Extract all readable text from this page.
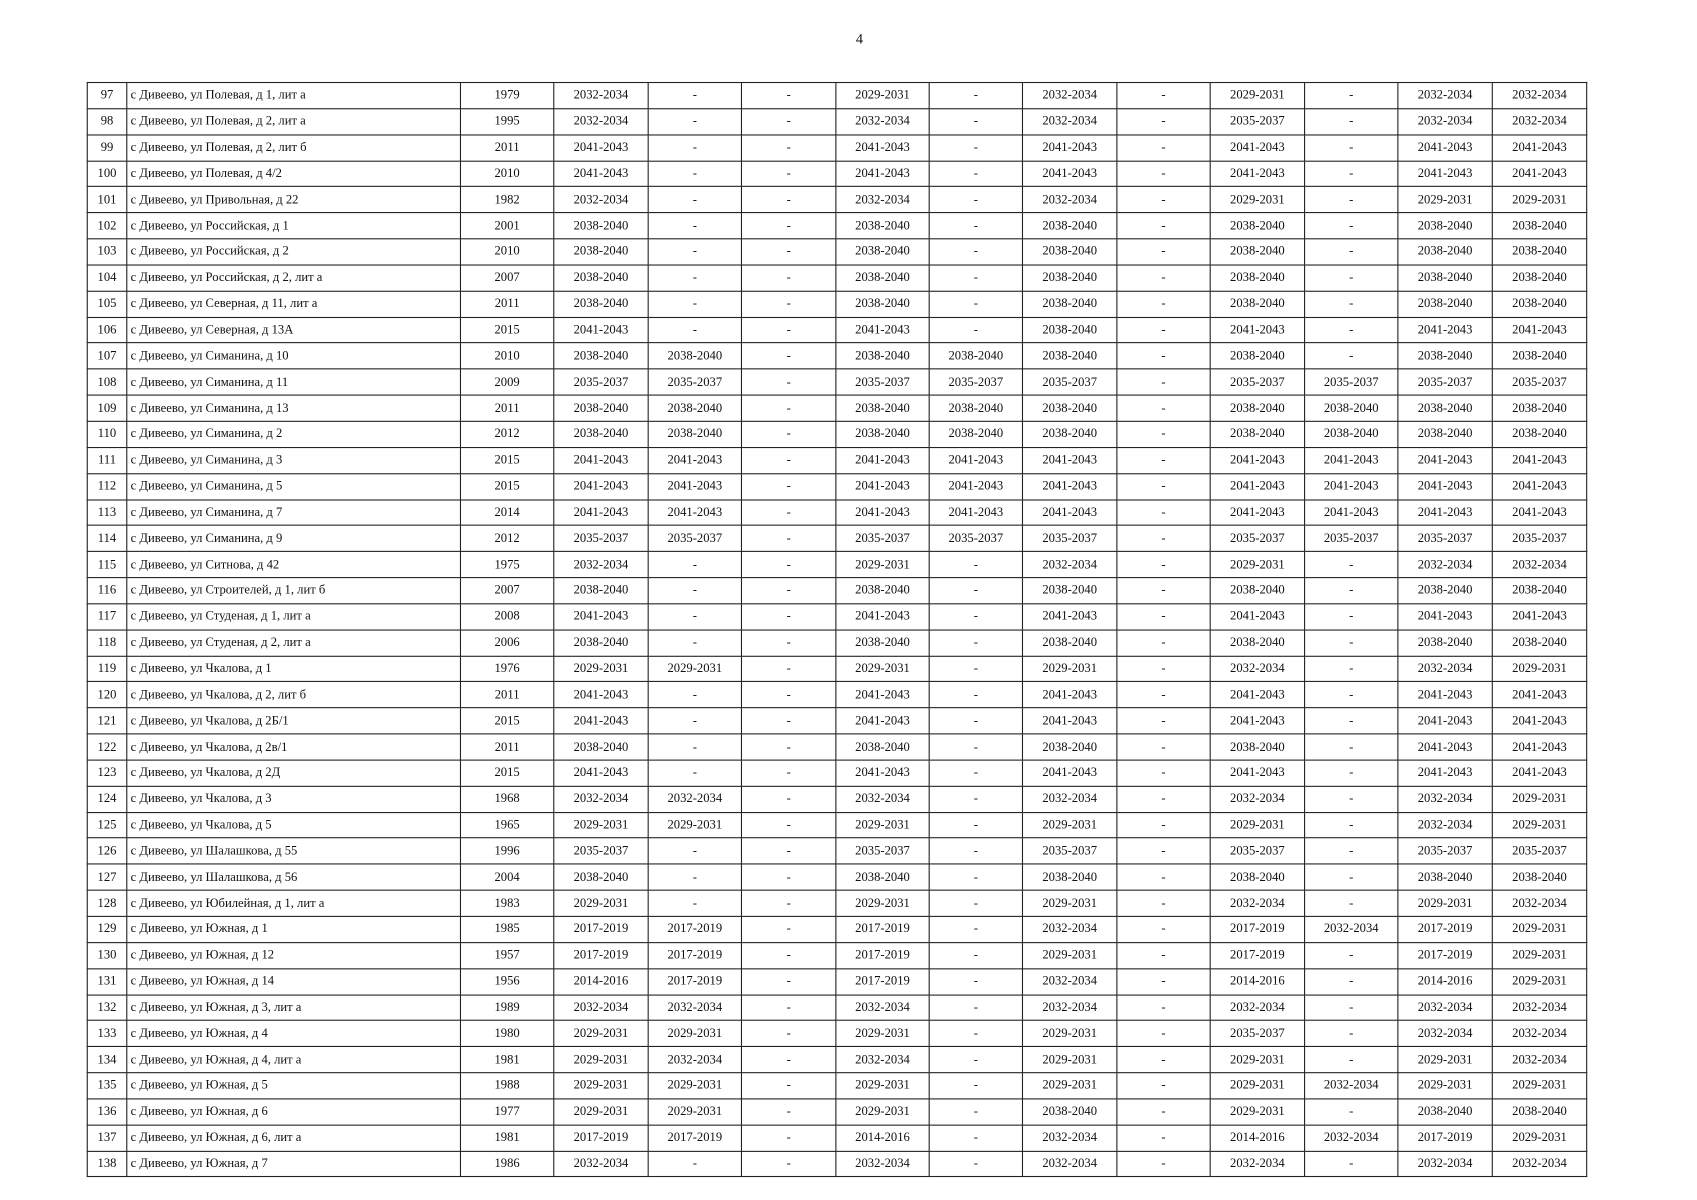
4
97	с Дивеево, ул Полевая, д 1, лит а	1979	2032-2034	-	-	2029-2031	-	2032-2034	-	2029-2031	-	2032-2034	2032-2034
98	с Дивеево, ул Полевая, д 2, лит а	1995	2032-2034	-	-	2032-2034	-	2032-2034	-	2035-2037	-	2032-2034	2032-2034
99	с Дивеево, ул Полевая, д 2, лит б	2011	2041-2043	-	-	2041-2043	-	2041-2043	-	2041-2043	-	2041-2043	2041-2043
100	с Дивеево, ул Полевая, д 4/2	2010	2041-2043	-	-	2041-2043	-	2041-2043	-	2041-2043	-	2041-2043	2041-2043
101	с Дивеево, ул Привольная, д 22	1982	2032-2034	-	-	2032-2034	-	2032-2034	-	2029-2031	-	2029-2031	2029-2031
102	с Дивеево, ул Российская, д 1	2001	2038-2040	-	-	2038-2040	-	2038-2040	-	2038-2040	-	2038-2040	2038-2040
103	с Дивеево, ул Российская, д 2	2010	2038-2040	-	-	2038-2040	-	2038-2040	-	2038-2040	-	2038-2040	2038-2040
104	с Дивеево, ул Российская, д 2, лит а	2007	2038-2040	-	-	2038-2040	-	2038-2040	-	2038-2040	-	2038-2040	2038-2040
105	с Дивеево, ул Северная, д 11, лит а	2011	2038-2040	-	-	2038-2040	-	2038-2040	-	2038-2040	-	2038-2040	2038-2040
106	с Дивеево, ул Северная, д 13А	2015	2041-2043	-	-	2041-2043	-	2038-2040	-	2041-2043	-	2041-2043	2041-2043
107	с Дивеево, ул Симанина, д 10	2010	2038-2040	2038-2040	-	2038-2040	2038-2040	2038-2040	-	2038-2040	-	2038-2040	2038-2040
108	с Дивеево, ул Симанина, д 11	2009	2035-2037	2035-2037	-	2035-2037	2035-2037	2035-2037	-	2035-2037	2035-2037	2035-2037	2035-2037
109	с Дивеево, ул Симанина, д 13	2011	2038-2040	2038-2040	-	2038-2040	2038-2040	2038-2040	-	2038-2040	2038-2040	2038-2040	2038-2040
110	с Дивеево, ул Симанина, д 2	2012	2038-2040	2038-2040	-	2038-2040	2038-2040	2038-2040	-	2038-2040	2038-2040	2038-2040	2038-2040
111	с Дивеево, ул Симанина, д 3	2015	2041-2043	2041-2043	-	2041-2043	2041-2043	2041-2043	-	2041-2043	2041-2043	2041-2043	2041-2043
112	с Дивеево, ул Симанина, д 5	2015	2041-2043	2041-2043	-	2041-2043	2041-2043	2041-2043	-	2041-2043	2041-2043	2041-2043	2041-2043
113	с Дивеево, ул Симанина, д 7	2014	2041-2043	2041-2043	-	2041-2043	2041-2043	2041-2043	-	2041-2043	2041-2043	2041-2043	2041-2043
114	с Дивеево, ул Симанина, д 9	2012	2035-2037	2035-2037	-	2035-2037	2035-2037	2035-2037	-	2035-2037	2035-2037	2035-2037	2035-2037
115	с Дивеево, ул Ситнова, д 42	1975	2032-2034	-	-	2029-2031	-	2032-2034	-	2029-2031	-	2032-2034	2032-2034
116	с Дивеево, ул Строителей, д 1, лит б	2007	2038-2040	-	-	2038-2040	-	2038-2040	-	2038-2040	-	2038-2040	2038-2040
117	с Дивеево, ул Студеная, д 1, лит а	2008	2041-2043	-	-	2041-2043	-	2041-2043	-	2041-2043	-	2041-2043	2041-2043
118	с Дивеево, ул Студеная, д 2, лит а	2006	2038-2040	-	-	2038-2040	-	2038-2040	-	2038-2040	-	2038-2040	2038-2040
119	с Дивеево, ул Чкалова, д 1	1976	2029-2031	2029-2031	-	2029-2031	-	2029-2031	-	2032-2034	-	2032-2034	2029-2031
120	с Дивеево, ул Чкалова, д 2, лит б	2011	2041-2043	-	-	2041-2043	-	2041-2043	-	2041-2043	-	2041-2043	2041-2043
121	с Дивеево, ул Чкалова, д 2Б/1	2015	2041-2043	-	-	2041-2043	-	2041-2043	-	2041-2043	-	2041-2043	2041-2043
122	с Дивеево, ул Чкалова, д 2в/1	2011	2038-2040	-	-	2038-2040	-	2038-2040	-	2038-2040	-	2041-2043	2041-2043
123	с Дивеево, ул Чкалова, д 2Д	2015	2041-2043	-	-	2041-2043	-	2041-2043	-	2041-2043	-	2041-2043	2041-2043
124	с Дивеево, ул Чкалова, д 3	1968	2032-2034	2032-2034	-	2032-2034	-	2032-2034	-	2032-2034	-	2032-2034	2029-2031
125	с Дивеево, ул Чкалова, д 5	1965	2029-2031	2029-2031	-	2029-2031	-	2029-2031	-	2029-2031	-	2032-2034	2029-2031
126	с Дивеево, ул Шалашкова, д 55	1996	2035-2037	-	-	2035-2037	-	2035-2037	-	2035-2037	-	2035-2037	2035-2037
127	с Дивеево, ул Шалашкова, д 56	2004	2038-2040	-	-	2038-2040	-	2038-2040	-	2038-2040	-	2038-2040	2038-2040
128	с Дивеево, ул Юбилейная, д 1, лит а	1983	2029-2031	-	-	2029-2031	-	2029-2031	-	2032-2034	-	2029-2031	2032-2034
129	с Дивеево, ул Южная, д 1	1985	2017-2019	2017-2019	-	2017-2019	-	2032-2034	-	2017-2019	2032-2034	2017-2019	2029-2031
130	с Дивеево, ул Южная, д 12	1957	2017-2019	2017-2019	-	2017-2019	-	2029-2031	-	2017-2019	-	2017-2019	2029-2031
131	с Дивеево, ул Южная, д 14	1956	2014-2016	2017-2019	-	2017-2019	-	2032-2034	-	2014-2016	-	2014-2016	2029-2031
132	с Дивеево, ул Южная, д 3, лит а	1989	2032-2034	2032-2034	-	2032-2034	-	2032-2034	-	2032-2034	-	2032-2034	2032-2034
133	с Дивеево, ул Южная, д 4	1980	2029-2031	2029-2031	-	2029-2031	-	2029-2031	-	2035-2037	-	2032-2034	2032-2034
134	с Дивеево, ул Южная, д 4, лит а	1981	2029-2031	2032-2034	-	2032-2034	-	2029-2031	-	2029-2031	-	2029-2031	2032-2034
135	с Дивеево, ул Южная, д 5	1988	2029-2031	2029-2031	-	2029-2031	-	2029-2031	-	2029-2031	2032-2034	2029-2031	2029-2031
136	с Дивеево, ул Южная, д 6	1977	2029-2031	2029-2031	-	2029-2031	-	2038-2040	-	2029-2031	-	2038-2040	2038-2040
137	с Дивеево, ул Южная, д 6, лит а	1981	2017-2019	2017-2019	-	2014-2016	-	2032-2034	-	2014-2016	2032-2034	2017-2019	2029-2031
138	с Дивеево, ул Южная, д 7	1986	2032-2034	-	-	2032-2034	-	2032-2034	-	2032-2034	-	2032-2034	2032-2034
